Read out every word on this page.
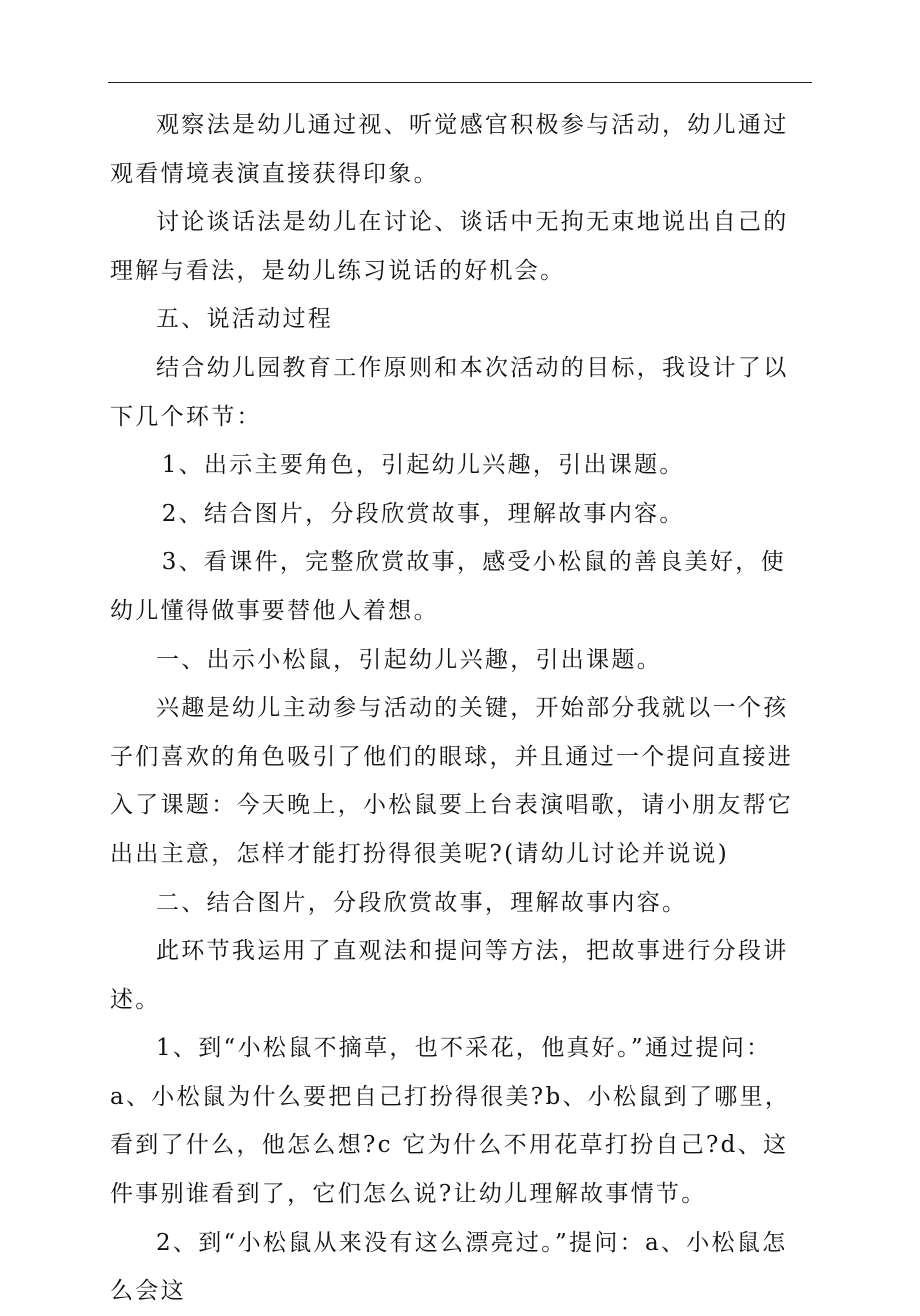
观察法是幼儿通过视、听觉感官积极参与活动，幼儿通过观看情境表演直接获得印象。

讨论谈话法是幼儿在讨论、谈话中无拘无束地说出自己的理解与看法，是幼儿练习说话的好机会。

五、说活动过程

结合幼儿园教育工作原则和本次活动的目标，我设计了以下几个环节：

1、出示主要角色，引起幼儿兴趣，引出课题。

2、结合图片，分段欣赏故事，理解故事内容。

3、看课件，完整欣赏故事，感受小松鼠的善良美好，使幼儿懂得做事要替他人着想。

一、出示小松鼠，引起幼儿兴趣，引出课题。

兴趣是幼儿主动参与活动的关键，开始部分我就以一个孩子们喜欢的角色吸引了他们的眼球，并且通过一个提问直接进入了课题：今天晚上，小松鼠要上台表演唱歌，请小朋友帮它出出主意，怎样才能打扮得很美呢?(请幼儿讨论并说说)

二、结合图片，分段欣赏故事，理解故事内容。

此环节我运用了直观法和提问等方法，把故事进行分段讲述。

1、到“小松鼠不摘草，也不采花，他真好。”通过提问：a、小松鼠为什么要把自己打扮得很美?b、小松鼠到了哪里，看到了什么，他怎么想?c 它为什么不用花草打扮自己?d、这件事别谁看到了，它们怎么说?让幼儿理解故事情节。

2、到“小松鼠从来没有这么漂亮过。”提问：a、小松鼠怎么会这
